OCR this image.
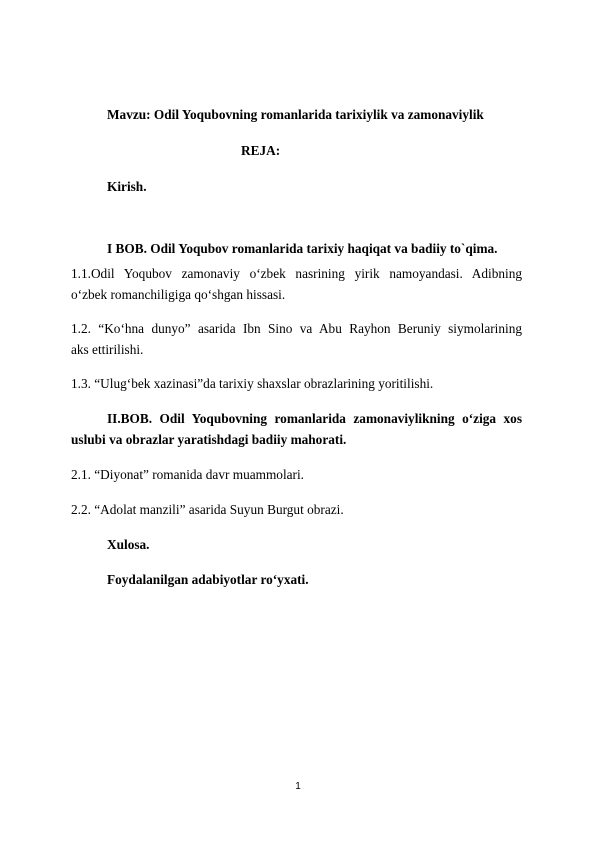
Mavzu: Odil Yoqubovning romanlarida tarixiylik va zamonaviylik
REJA:
Kirish.
I BOB. Odil Yoqubov romanlarida tarixiy haqiqat va badiiy to`qima.
1.1.Odil Yoqubov zamonaviy o‘zbek nasrining yirik namoyandasi. Adibning
o‘zbek romanchiligiga qo‘shgan hissasi.
1.2. “Ko‘hna dunyo” asarida Ibn Sino va Abu Rayhon Beruniy siymolarining
aks ettirilishi.
1.3. “Ulug‘bek xazinasi”da tarixiy shaxslar obrazlarining yoritilishi.
II.BOB. Odil Yoqubovning romanlarida zamonaviylikning o‘ziga xos
uslubi va obrazlar yaratishdagi badiiy mahorati.
2.1. “Diyonat” romanida davr muammolari.
2.2. “Adolat manzili” asarida Suyun Burgut obrazi.
Xulosa.
Foydalanilgan adabiyotlar ro‘yxati.
1
